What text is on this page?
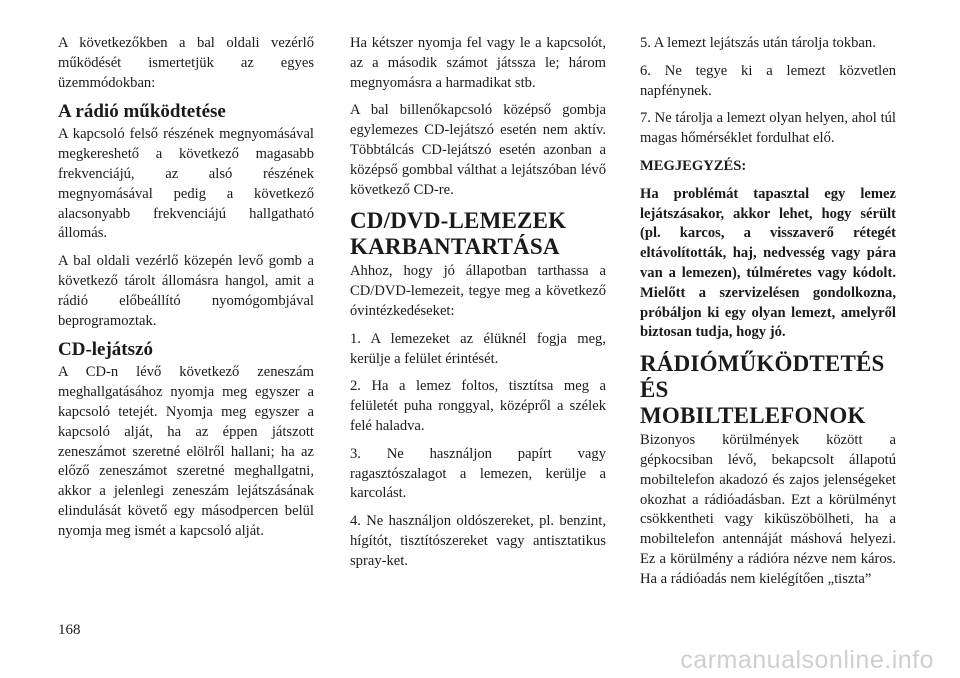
A következőkben a bal oldali vezérlő működését ismertetjük az egyes üzemmódokban:

A rádió működtetése

A kapcsoló felső részének megnyomásával megkereshető a következő magasabb frekvenciájú, az alsó részének megnyomásával pedig a következő alacsonyabb frekvenciájú hallgatható állomás.

A bal oldali vezérlő közepén levő gomb a következő tárolt állomásra hangol, amit a rádió előbeállító nyomógombjával beprogramoztak.

CD-lejátszó

A CD-n lévő következő zeneszám meghallgatásához nyomja meg egyszer a kapcsoló tetejét. Nyomja meg egyszer a kapcsoló alját, ha az éppen játszott zeneszámot szeretné elölről hallani; ha az előző zeneszámot szeretné meghallgatni, akkor a jelenlegi zeneszám lejátszásának elindulását követő egy másodpercen belül nyomja meg ismét a kapcsoló alját.

Ha kétszer nyomja fel vagy le a kapcsolót, az a második számot játssza le; három megnyomásra a harmadikat stb.

A bal billenőkapcsoló középső gombja egylemezes CD-lejátszó esetén nem aktív. Többtálcás CD-lejátszó esetén azonban a középső gombbal válthat a lejátszóban lévő következő CD-re.

CD/DVD-LEMEZEK KARBANTARTÁSA

Ahhoz, hogy jó állapotban tarthassa a CD/DVD-lemezeit, tegye meg a következő óvintézkedéseket:

1. A lemezeket az élüknél fogja meg, kerülje a felület érintését.

2. Ha a lemez foltos, tisztítsa meg a felületét puha ronggyal, középről a szélek felé haladva.

3. Ne használjon papírt vagy ragasztószalagot a lemezen, kerülje a karcolást.

4. Ne használjon oldószereket, pl. benzint, hígítót, tisztítószereket vagy antisztatikus spray-ket.

5. A lemezt lejátszás után tárolja tokban.

6. Ne tegye ki a lemezt közvetlen napfénynek.

7. Ne tárolja a lemezt olyan helyen, ahol túl magas hőmérséklet fordulhat elő.

MEGJEGYZÉS:

Ha problémát tapasztal egy lemez lejátszásakor, akkor lehet, hogy sérült (pl. karcos, a visszaverő rétegét eltávolították, haj, nedvesség vagy pára van a lemezen), túlméretes vagy kódolt. Mielőtt a szervizelésen gondolkozna, próbáljon ki egy olyan lemezt, amelyről biztosan tudja, hogy jó.

RÁDIÓMŰKÖDTETÉS ÉS MOBILTELEFONOK

Bizonyos körülmények között a gépkocsiban lévő, bekapcsolt állapotú mobiltelefon akadozó és zajos jelenségeket okozhat a rádióadásban. Ezt a körülményt csökkentheti vagy kiküszöbölheti, ha a mobiltelefon antennáját máshová helyezi. Ez a körülmény a rádióra nézve nem káros. Ha a rádióadás nem kielégítően „tiszta”

168
carmanualsonline.info
